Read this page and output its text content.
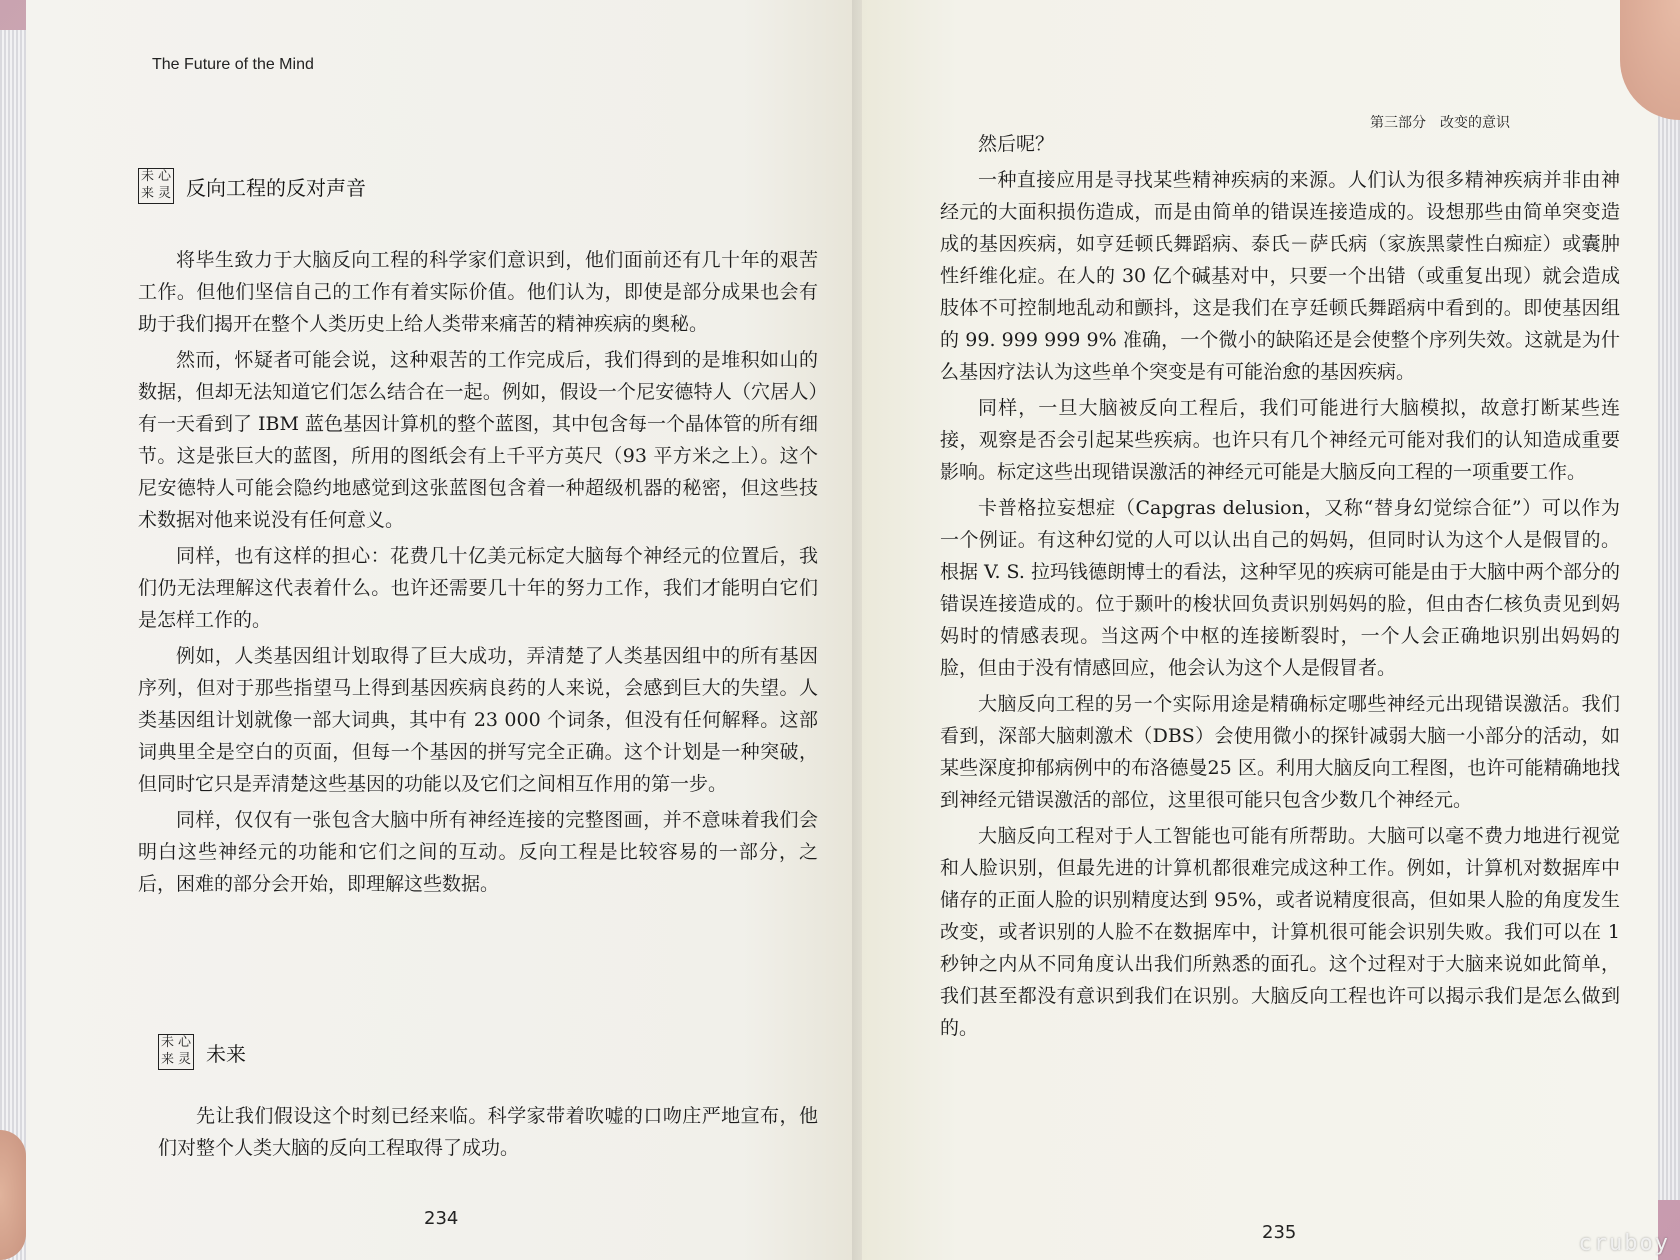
The Future of the Mind
未 心
来 灵 反向工程的反对声音

将毕生致力于大脑反向工程的科学家们意识到，他们面前还有几十年的艰苦工作。但他们坚信自己的工作有着实际价值。他们认为，即使是部分成果也会有助于我们揭开在整个人类历史上给人类带来痛苦的精神疾病的奥秘。

然而，怀疑者可能会说，这种艰苦的工作完成后，我们得到的是堆积如山的数据，但却无法知道它们怎么结合在一起。例如，假设一个尼安德特人（穴居人）有一天看到了 IBM 蓝色基因计算机的整个蓝图，其中包含每一个晶体管的所有细节。这是张巨大的蓝图，所用的图纸会有上千平方英尺（93 平方米之上）。这个尼安德特人可能会隐约地感觉到这张蓝图包含着一种超级机器的秘密，但这些技术数据对他来说没有任何意义。

同样，也有这样的担心：花费几十亿美元标定大脑每个神经元的位置后，我们仍无法理解这代表着什么。也许还需要几十年的努力工作，我们才能明白它们是怎样工作的。

例如，人类基因组计划取得了巨大成功，弄清楚了人类基因组中的所有基因序列，但对于那些指望马上得到基因疾病良药的人来说，会感到巨大的失望。人类基因组计划就像一部大词典，其中有 23 000 个词条，但没有任何解释。这部词典里全是空白的页面，但每一个基因的拼写完全正确。这个计划是一种突破，但同时它只是弄清楚这些基因的功能以及它们之间相互作用的第一步。

同样，仅仅有一张包含大脑中所有神经连接的完整图画，并不意味着我们会明白这些神经元的功能和它们之间的互动。反向工程是比较容易的一部分，之后，困难的部分会开始，即理解这些数据。

未 心
来 灵 未来

先让我们假设这个时刻已经来临。科学家带着吹嘘的口吻庄严地宣布，他们对整个人类大脑的反向工程取得了成功。

234
第三部分　改变的意识

然后呢？

一种直接应用是寻找某些精神疾病的来源。人们认为很多精神疾病并非由神经元的大面积损伤造成，而是由简单的错误连接造成的。设想那些由简单突变造成的基因疾病，如亨廷顿氏舞蹈病、泰氏－萨氏病（家族黑蒙性白痴症）或囊肿性纤维化症。在人的 30 亿个碱基对中，只要一个出错（或重复出现）就会造成肢体不可控制地乱动和颤抖，这是我们在亨廷顿氏舞蹈病中看到的。即使基因组的 99. 999 999 9% 准确，一个微小的缺陷还是会使整个序列失效。这就是为什么基因疗法认为这些单个突变是有可能治愈的基因疾病。

同样，一旦大脑被反向工程后，我们可能进行大脑模拟，故意打断某些连接，观察是否会引起某些疾病。也许只有几个神经元可能对我们的认知造成重要影响。标定这些出现错误激活的神经元可能是大脑反向工程的一项重要工作。

卡普格拉妄想症（Capgras delusion，又称“替身幻觉综合征”）可以作为一个例证。有这种幻觉的人可以认出自己的妈妈，但同时认为这个人是假冒的。根据 V. S. 拉玛钱德朗博士的看法，这种罕见的疾病可能是由于大脑中两个部分的错误连接造成的。位于颞叶的梭状回负责识别妈妈的脸，但由杏仁核负责见到妈妈时的情感表现。当这两个中枢的连接断裂时，一个人会正确地识别出妈妈的脸，但由于没有情感回应，他会认为这个人是假冒者。

大脑反向工程的另一个实际用途是精确标定哪些神经元出现错误激活。我们看到，深部大脑刺激术（DBS）会使用微小的探针减弱大脑一小部分的活动，如某些深度抑郁病例中的布洛德曼25 区。利用大脑反向工程图，也许可能精确地找到神经元错误激活的部位，这里很可能只包含少数几个神经元。

大脑反向工程对于人工智能也可能有所帮助。大脑可以毫不费力地进行视觉和人脸识别，但最先进的计算机都很难完成这种工作。例如，计算机对数据库中储存的正面人脸的识别精度达到 95%，或者说精度很高，但如果人脸的角度发生改变，或者识别的人脸不在数据库中，计算机很可能会识别失败。我们可以在 1 秒钟之内从不同角度认出我们所熟悉的面孔。这个过程对于大脑来说如此简单，我们甚至都没有意识到我们在识别。大脑反向工程也许可以揭示我们是怎么做到的。

235	cruboy
